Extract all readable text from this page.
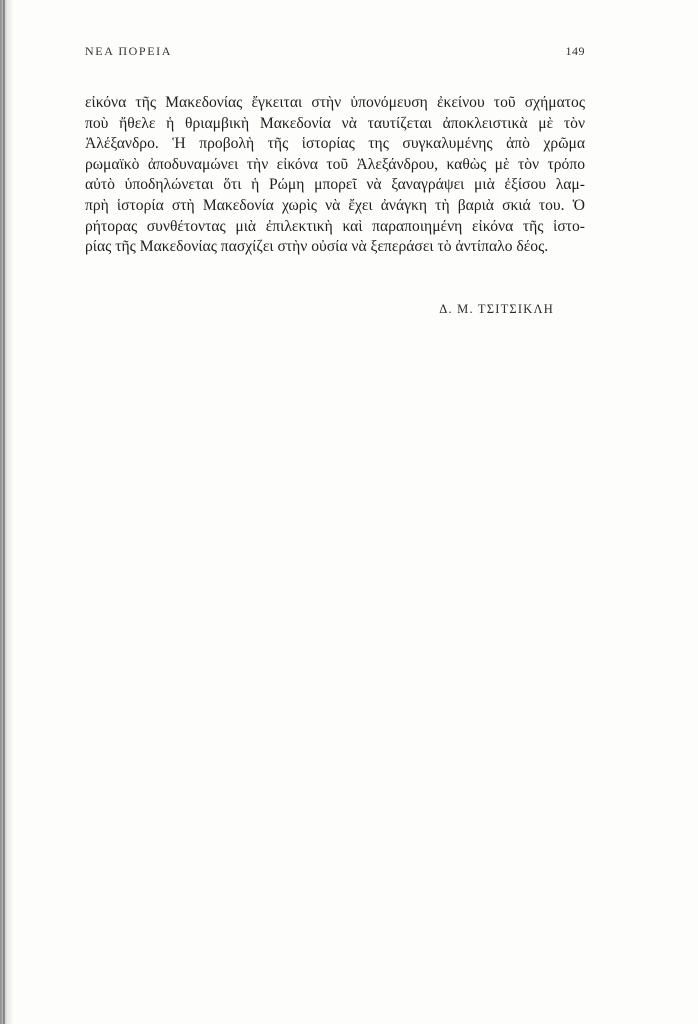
ΝΕΑ ΠΟΡΕΙΑ	149
εἰκόνα τῆς Μακεδονίας ἔγκειται στὴν ὑπονόμευση ἐκείνου τοῦ σχήματος
ποὺ ἤθελε ἡ θριαμβικὴ Μακεδονία νὰ ταυτίζεται ἀποκλειστικὰ μὲ τὸν
Ἀλέξανδρο. Ἡ προβολὴ τῆς ἱστορίας της συγκαλυμένης ἀπὸ χρῶμα
ρωμαϊκὸ ἀποδυναμώνει τὴν εἰκόνα τοῦ Ἀλεξάνδρου, καθὼς μὲ τὸν τρόπο
αὐτὸ ὑποδηλώνεται ὅτι ἡ Ρώμη μπορεῖ νὰ ξαναγράψει μιὰ ἐξίσου λαμ-
πρὴ ἱστορία στὴ Μακεδονία χωρὶς νὰ ἔχει ἀνάγκη τὴ βαριὰ σκιά του. Ὁ
ρήτορας συνθέτοντας μιὰ ἐπιλεκτικὴ καὶ παραποιημένη εἰκόνα τῆς ἱστο-
ρίας τῆς Μακεδονίας πασχίζει στὴν οὐσία νὰ ξεπεράσει τὸ ἀντίπαλο δέος.
Δ. Μ. ΤΣΙΤΣΙΚΛΗ
